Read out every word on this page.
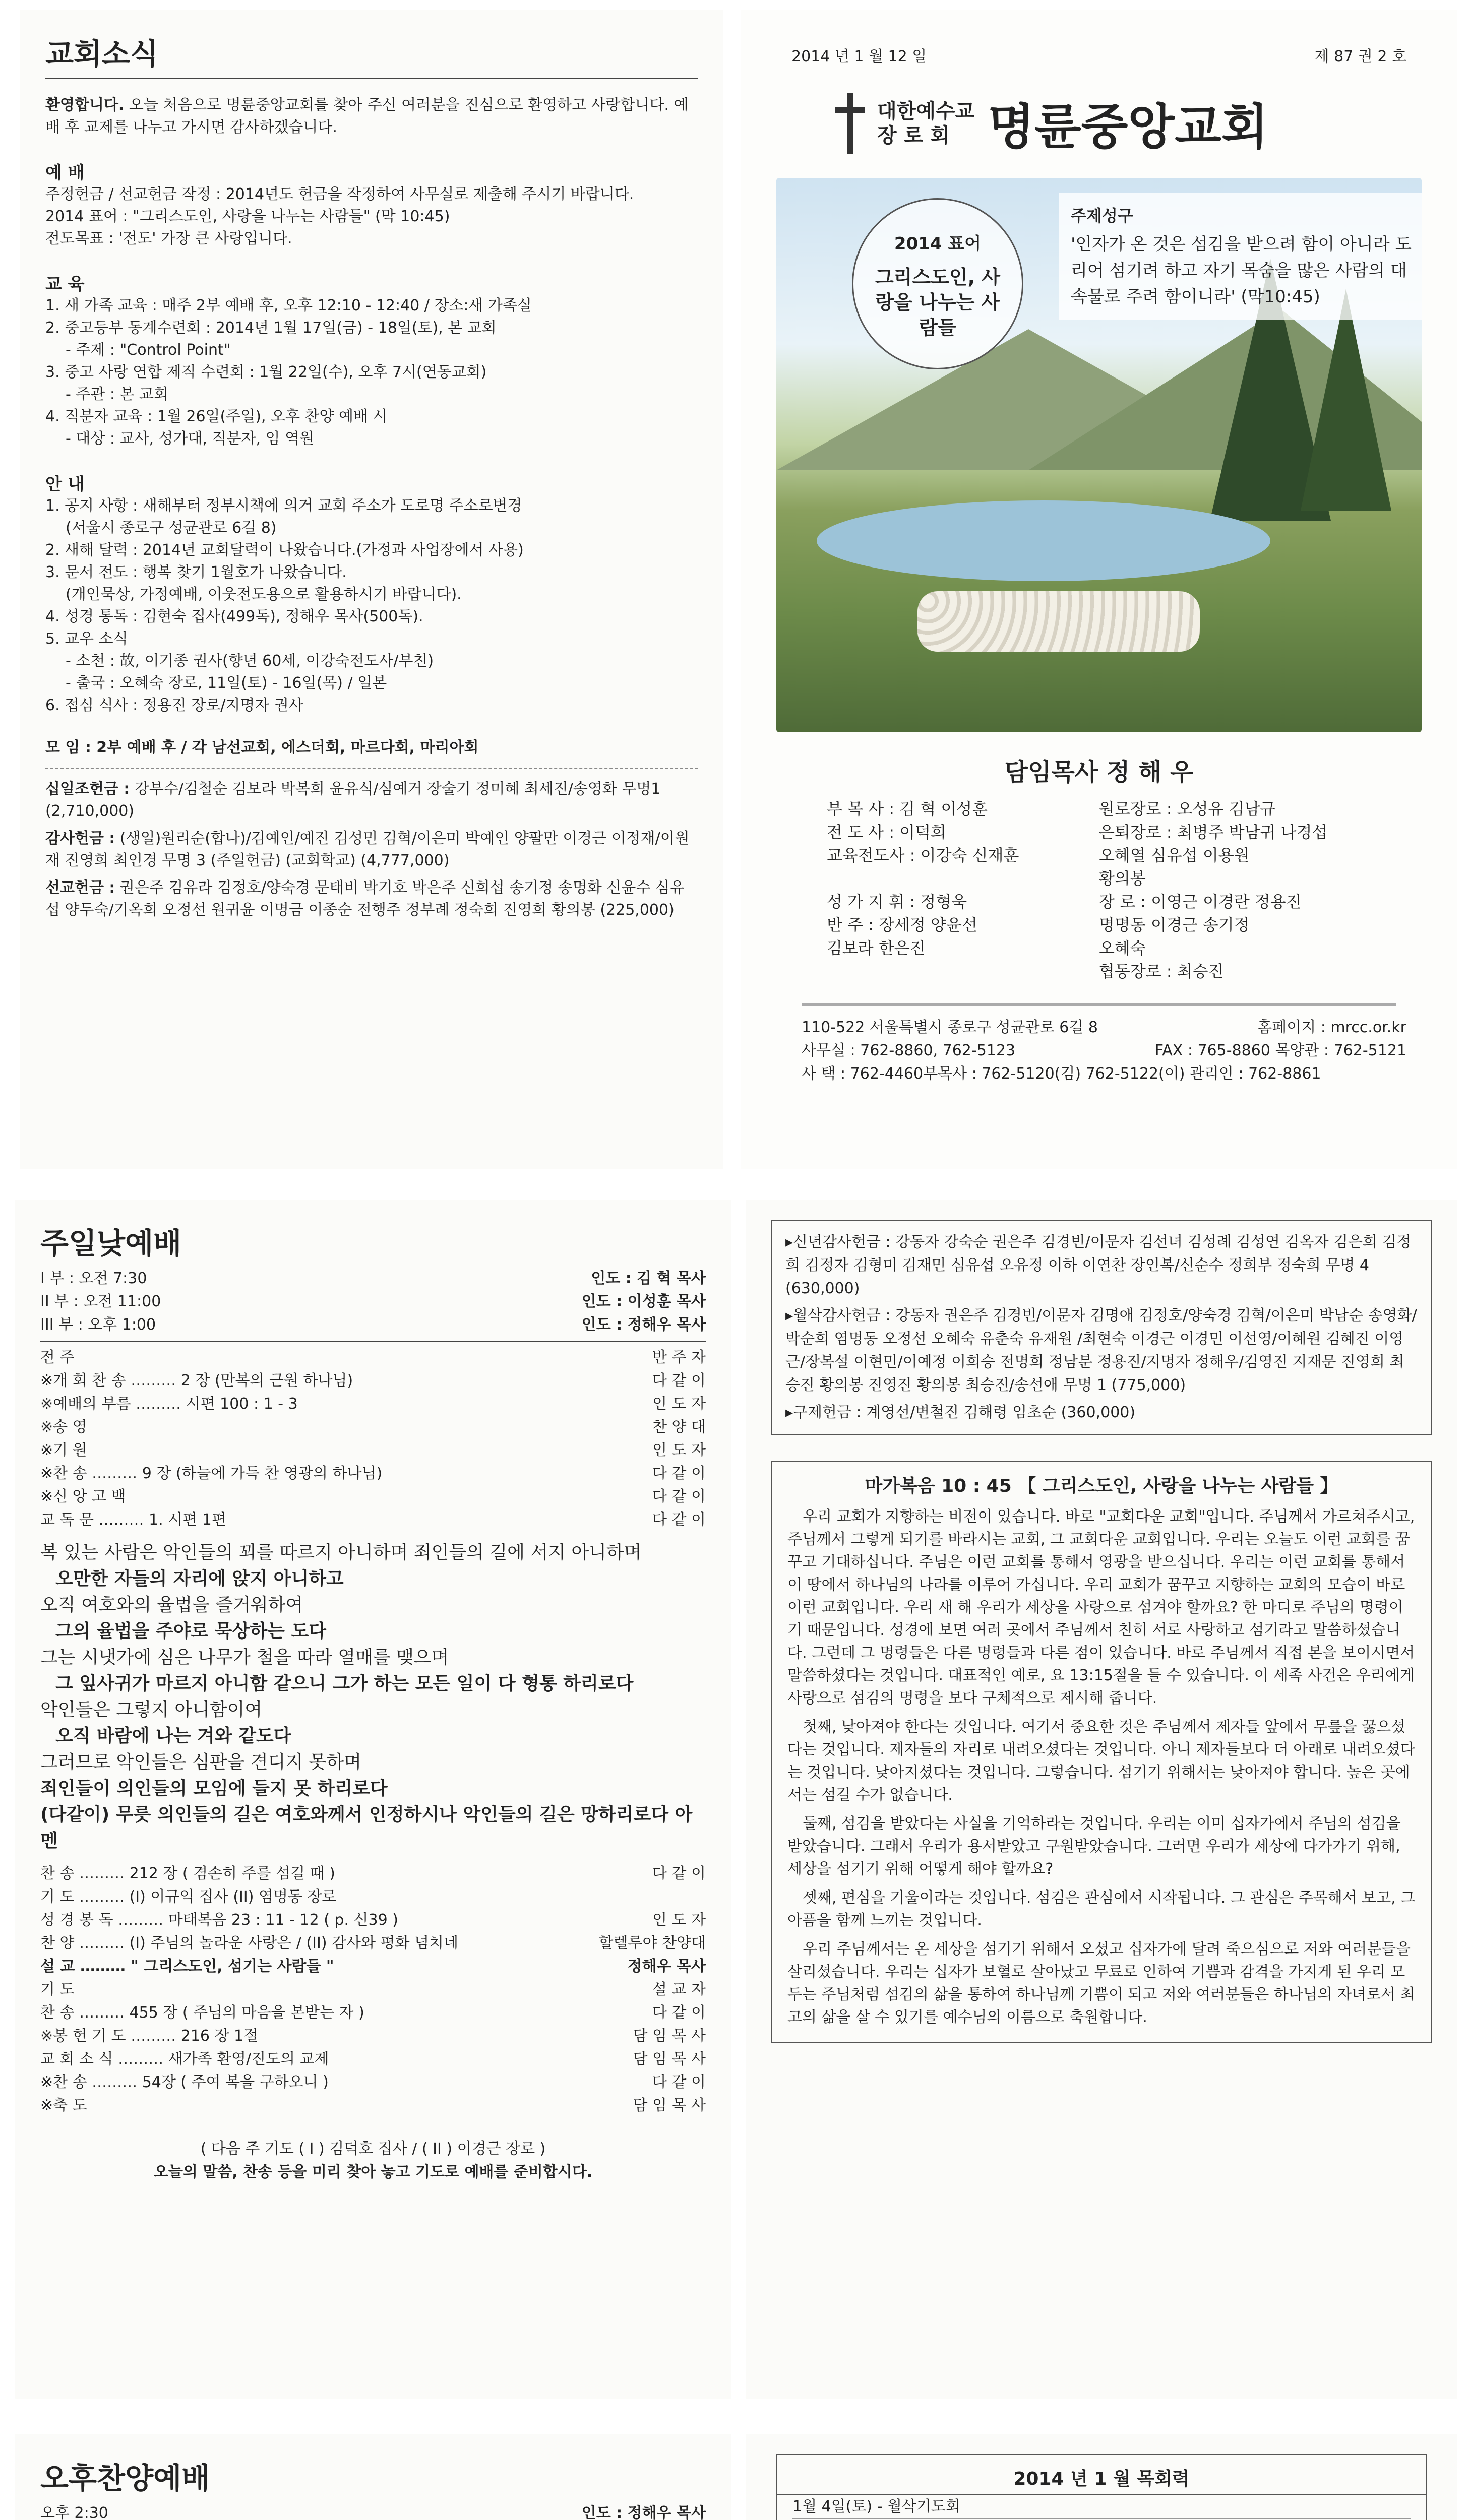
교회소식
환영합니다. 오늘 처음으로 명륜중앙교회를 찾아 주신 여러분을 진심으로 환영하고 사랑합니다. 예배 후 교제를 나누고 가시면 감사하겠습니다.
예 배
주정헌금 / 선교헌금 작정 : 2014년도 헌금을 작정하여 사무실로 제출해 주시기 바랍니다.
2014 표어 : "그리스도인, 사랑을 나누는 사람들" (막 10:45)
전도목표 : '전도' 가장 큰 사랑입니다.
교 육
1. 새 가족 교육 : 매주 2부 예배 후, 오후 12:10 - 12:40 / 장소:새 가족실
2. 중고등부 동계수련회 : 2014년 1월 17일(금) - 18일(토), 본 교회
- 주제 : "Control Point"
3. 중고 사랑 연합 제직 수련회 : 1월 22일(수), 오후 7시(연동교회)
- 주관 : 본 교회
4. 직분자 교육 : 1월 26일(주일), 오후 찬양 예배 시
- 대상 : 교사, 성가대, 직분자, 임 역원
안 내
1. 공지 사항 : 새해부터 정부시책에 의거 교회 주소가 도로명 주소로변경
(서울시 종로구 성균관로 6길 8)
2. 새해 달력 : 2014년 교회달력이 나왔습니다.(가정과 사업장에서 사용)
3. 문서 전도 : 행복 찾기 1월호가 나왔습니다.
(개인묵상, 가정예배, 이웃전도용으로 활용하시기 바랍니다).
4. 성경 통독 : 김현숙 집사(499독), 정해우 목사(500독).
5. 교우 소식
- 소천 : 故, 이기종 권사(향년 60세, 이강숙전도사/부친)
- 출국 : 오혜숙 장로, 11일(토) - 16일(목) / 일본
6. 접심 식사 : 정용진 장로/지명자 권사
모 임 : 2부 예배 후 / 각 남선교회, 에스더회, 마르다회, 마리아회
십일조헌금 : 강부수/김철순 김보라 박복희 윤유식/심예거 장술기 정미혜 최세진/송영화 무명1 (2,710,000)
감사헌금 : (생일)원리순(합나)/김예인/예진 김성민 김혁/이은미 박예인 양팔만 이경근 이정재/이원재 진영희 최인경 무명 3 (주일헌금) (교회학교) (4,777,000)
선교헌금 : 권은주 김유라 김정호/양숙경 문태비 박기호 박은주 신희섭 송기정 송명화 신윤수 심유섭 양두숙/기옥희 오정선 원귀윤 이명금 이종순 전행주 정부례 정숙희 진영희 황의봉 (225,000)
2014 년 1 월 12 일	제 87 권 2 호
대한예수교
장 로 회 명륜중앙교회
2014 표어
그리스도인, 사랑을 나누는 사람들
주제성구
'인자가 온 것은 섬김을 받으려 함이 아니라 도리어 섬기려 하고 자기 목숨을 많은 사람의 대속물로 주려 함이니라' (막10:45)
담임목사 정 해 우
부 목 사 : 김 혁 이성훈	원로장로 : 오성유 김남규
전 도 사 : 이덕희	은퇴장로 : 최병주 박남귀 나경섭
교육전도사 : 이강숙 신재훈	오혜열 심유섭 이용원
황의봉
성 가 지 휘 : 정형욱	장 로 : 이영근 이경란 정용진
반 주 : 장세정 양윤선	명명동 이경근 송기정
김보라 한은진	오혜숙
협동장로 : 최승진
110-522 서울특별시 종로구 성균관로 6길 8	홈페이지 : mrcc.or.kr
사무실 : 762-8860, 762-5123	FAX : 765-8860 목양관 : 762-5121
사 택 : 762-4460부목사 : 762-5120(김) 762-5122(이) 관리인 : 762-8861
주일낮예배
I 부 : 오전 7:30	인도 : 김 혁 목사
II 부 : 오전 11:00	인도 : 이성훈 목사
III 부 : 오후 1:00	인도 : 정해우 목사
전 주	반 주 자
※개 회 찬 송 ……… 2 장 (만복의 근원 하나님)	다 같 이
※예배의 부름 ……… 시편 100 : 1 - 3	인 도 자
※송 영	찬 양 대
※기 원	인 도 자
※찬 송 ……… 9 장 (하늘에 가득 찬 영광의 하나님)	다 같 이
※신 앙 고 백	다 같 이
교 독 문 ……… 1. 시편 1편	다 같 이
복 있는 사람은 악인들의 꾀를 따르지 아니하며 죄인들의 길에 서지 아니하며
오만한 자들의 자리에 앉지 아니하고
오직 여호와의 율법을 즐거워하여
그의 율법을 주야로 묵상하는 도다
그는 시냇가에 심은 나무가 철을 따라 열매를 맺으며
그 잎사귀가 마르지 아니함 같으니 그가 하는 모든 일이 다 형통 하리로다
악인들은 그렇지 아니함이여
오직 바람에 나는 겨와 같도다
그러므로 악인들은 심판을 견디지 못하며
죄인들이 의인들의 모임에 들지 못 하리로다
(다같이) 무릇 의인들의 길은 여호와께서 인정하시나 악인들의 길은 망하리로다 아멘
찬 송 ……… 212 장 ( 겸손히 주를 섬길 때 )	다 같 이
기 도 ……… (I) 이규익 집사 (II) 염명동 장로
성 경 봉 독 ……… 마태복음 23 : 11 - 12 ( p. 신39 )	인 도 자
찬 양 ……… (I) 주님의 놀라운 사랑은 / (II) 감사와 평화 넘치네	할렐루야 찬양대
설 교 ……… " 그리스도인, 섬기는 사람들 "	정해우 목사
기 도	설 교 자
찬 송 ……… 455 장 ( 주님의 마음을 본받는 자 )	다 같 이
※봉 헌 기 도 ……… 216 장 1절	담 임 목 사
교 회 소 식 ……… 새가족 환영/진도의 교제	담 임 목 사
※찬 송 ……… 54장 ( 주여 복을 구하오니 )	다 같 이
※축 도	담 임 목 사
( 다음 주 기도 ( I ) 김덕호 집사 / ( II ) 이경근 장로 )
오늘의 말씀, 찬송 등을 미리 찾아 놓고 기도로 예배를 준비합시다.
▸신년감사헌금 : 강동자 강숙순 권은주 김경빈/이문자 김선녀 김성례 김성연 김옥자 김은희 김정희 김정자 김형미 김재민 심유섭 오유정 이하 이연찬 장인복/신순수 정희부 정숙희 무명 4 (630,000)
▸월삭감사헌금 : 강동자 권은주 김경빈/이문자 김명애 김정호/양숙경 김혁/이은미 박남순 송영화/박순희 염명동 오정선 오혜숙 유춘숙 유재원 /최현숙 이경근 이경민 이선영/이혜원 김혜진 이영근/장복설 이현민/이예정 이희승 전명희 정남분 정용진/지명자 정해우/김영진 지재문 진영희 최승진 황의봉 진영진 황의봉 최승진/송선애 무명 1 (775,000)
▸구제헌금 : 계영선/변철진 김해령 임초순 (360,000)
마가복음 10 : 45 【 그리스도인, 사랑을 나누는 사람들 】
우리 교회가 지향하는 비전이 있습니다. 바로 "교회다운 교회"입니다. 주님께서 가르쳐주시고, 주님께서 그렇게 되기를 바라시는 교회, 그 교회다운 교회입니다. 우리는 오늘도 이런 교회를 꿈꾸고 기대하십니다. 주님은 이런 교회를 통해서 영광을 받으십니다. 우리는 이런 교회를 통해서 이 땅에서 하나님의 나라를 이루어 가십니다. 우리 교회가 꿈꾸고 지향하는 교회의 모습이 바로 이런 교회입니다. 우리 새 해 우리가 세상을 사랑으로 섬겨야 할까요? 한 마디로 주님의 명령이기 때문입니다. 성경에 보면 여러 곳에서 주님께서 친히 서로 사랑하고 섬기라고 말씀하셨습니다. 그런데 그 명령들은 다른 명령들과 다른 점이 있습니다. 바로 주님께서 직접 본을 보이시면서 말씀하셨다는 것입니다. 대표적인 예로, 요 13:15절을 들 수 있습니다. 이 세족 사건은 우리에게 사랑으로 섬김의 명령을 보다 구체적으로 제시해 줍니다.
첫째, 낮아져야 한다는 것입니다. 여기서 중요한 것은 주님께서 제자들 앞에서 무릎을 꿇으셨다는 것입니다. 제자들의 자리로 내려오셨다는 것입니다. 아니 제자들보다 더 아래로 내려오셨다는 것입니다. 낮아지셨다는 것입니다. 그렇습니다. 섬기기 위해서는 낮아져야 합니다. 높은 곳에서는 섬길 수가 없습니다.
둘째, 섬김을 받았다는 사실을 기억하라는 것입니다. 우리는 이미 십자가에서 주님의 섬김을 받았습니다. 그래서 우리가 용서받았고 구원받았습니다. 그러면 우리가 세상에 다가가기 위해, 세상을 섬기기 위해 어떻게 해야 할까요?
셋째, 편심을 기울이라는 것입니다. 섬김은 관심에서 시작됩니다. 그 관심은 주목해서 보고, 그 아픔을 함께 느끼는 것입니다.
우리 주님께서는 온 세상을 섬기기 위해서 오셨고 십자가에 달려 죽으심으로 저와 여러분들을 살리셨습니다. 우리는 십자가 보혈로 살아났고 무료로 인하여 기쁨과 감격을 가지게 된 우리 모두는 주님처럼 섬김의 삶을 통하여 하나님께 기쁨이 되고 저와 여러분들은 하나님의 자녀로서 최고의 삶을 살 수 있기를 예수님의 이름으로 축원합니다.
오후찬양예배
오후 2:30	인도 : 정해우 목사

2014 년 1 월 목회력
1월 4일(토) - 월삭기도회
